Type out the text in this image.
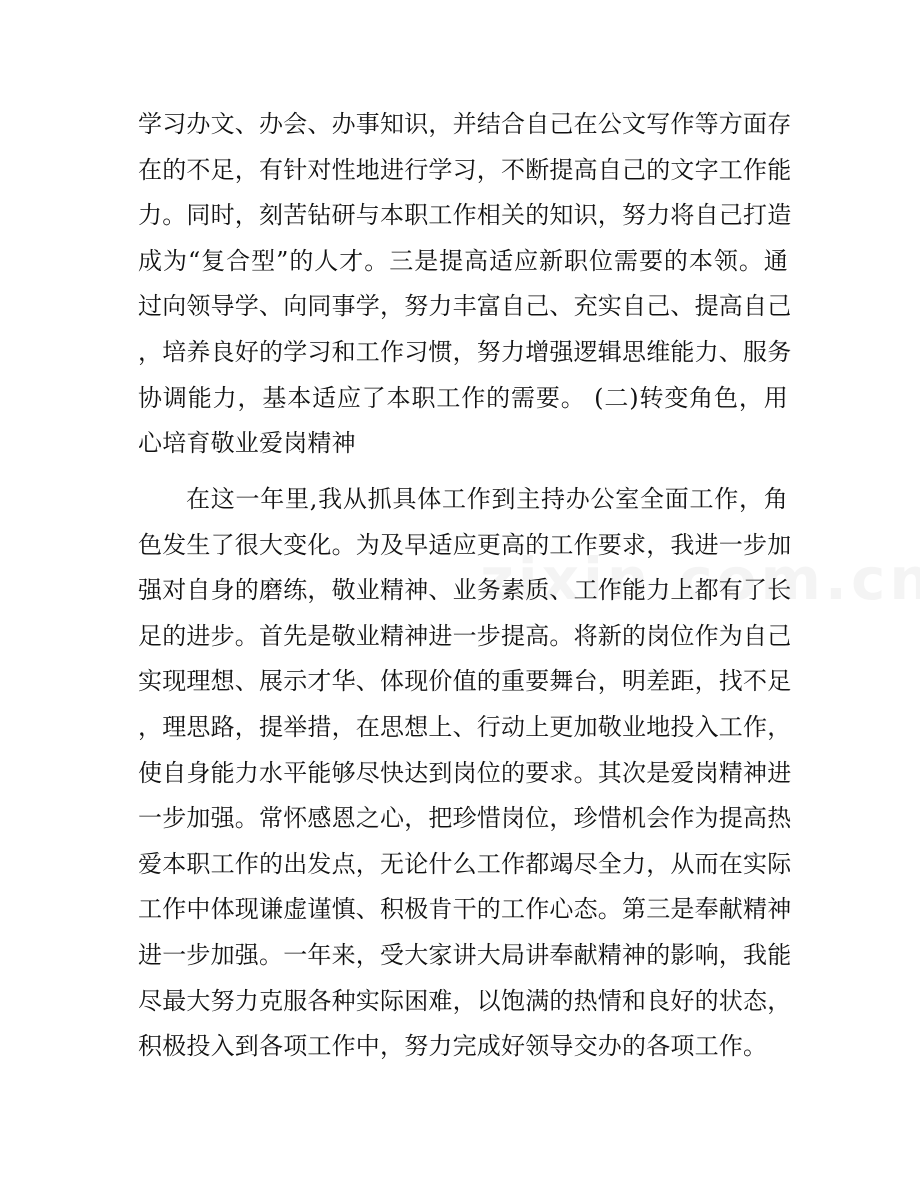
学习办文、办会、办事知识，并结合自己在公文写作等方面存
在的不足，有针对性地进行学习，不断提高自己的文字工作能
力。同时，刻苦钻研与本职工作相关的知识，努力将自己打造
成为“复合型”的人才。三是提高适应新职位需要的本领。通
过向领导学、向同事学，努力丰富自己、充实自己、提高自己
，培养良好的学习和工作习惯，努力增强逻辑思维能力、服务
协调能力，基本适应了本职工作的需要。 (二)转变角色，用
心培育敬业爱岗精神
在这一年里,我从抓具体工作到主持办公室全面工作，角
色发生了很大变化。为及早适应更高的工作要求，我进一步加
强对自身的磨练，敬业精神、业务素质、工作能力上都有了长
足的进步。首先是敬业精神进一步提高。将新的岗位作为自己
实现理想、展示才华、体现价值的重要舞台，明差距，找不足
，理思路，提举措，在思想上、行动上更加敬业地投入工作，
使自身能力水平能够尽快达到岗位的要求。其次是爱岗精神进
一步加强。常怀感恩之心，把珍惜岗位，珍惜机会作为提高热
爱本职工作的出发点，无论什么工作都竭尽全力，从而在实际
工作中体现谦虚谨慎、积极肯干的工作心态。第三是奉献精神
进一步加强。一年来，受大家讲大局讲奉献精神的影响，我能
尽最大努力克服各种实际困难，以饱满的热情和良好的状态，
积极投入到各项工作中，努力完成好领导交办的各项工作。
